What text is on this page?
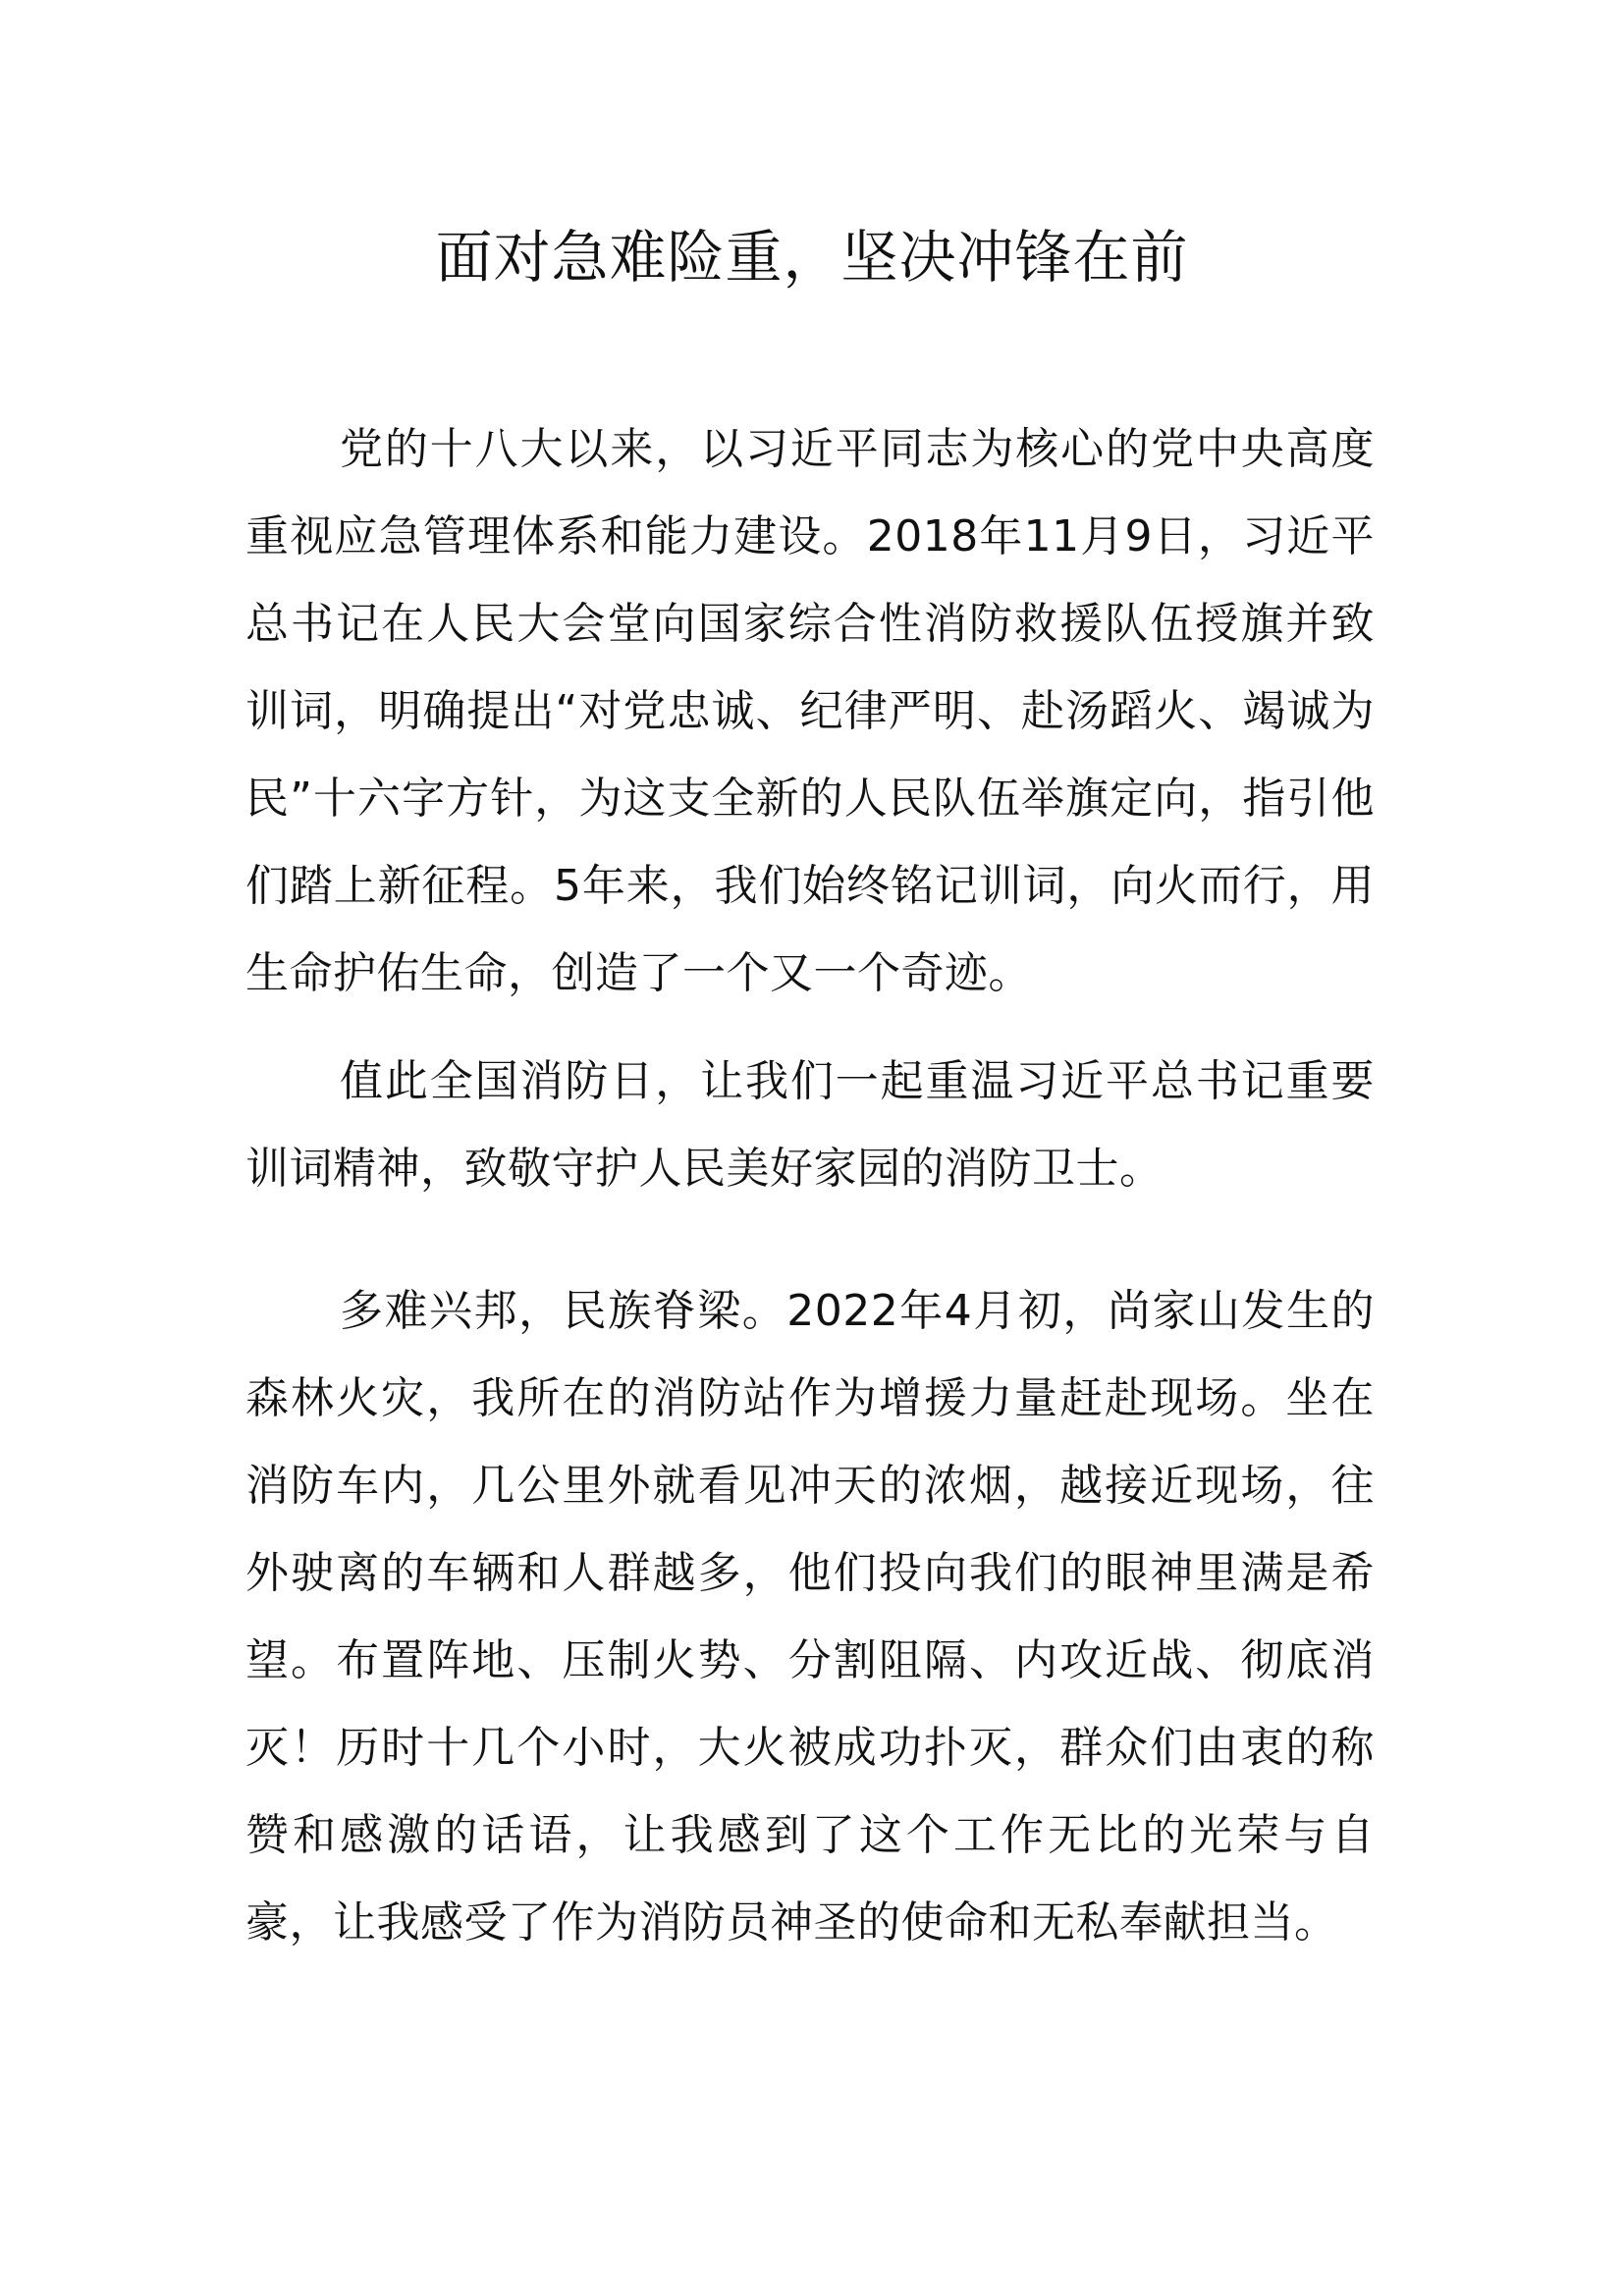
面对急难险重，坚决冲锋在前

党的十八大以来，以习近平同志为核心的党中央高度重视应急管理体系和能力建设。2018年11月9日，习近平总书记在人民大会堂向国家综合性消防救援队伍授旗并致训词，明确提出“对党忠诚、纪律严明、赴汤蹈火、竭诚为民”十六字方针，为这支全新的人民队伍举旗定向，指引他们踏上新征程。5年来，我们始终铭记训词，向火而行，用生命护佑生命，创造了一个又一个奇迹。

值此全国消防日，让我们一起重温习近平总书记重要训词精神，致敬守护人民美好家园的消防卫士。

多难兴邦，民族脊梁。2022年4月初，尚家山发生的森林火灾，我所在的消防站作为增援力量赶赴现场。坐在消防车内，几公里外就看见冲天的浓烟，越接近现场，往外驶离的车辆和人群越多，他们投向我们的眼神里满是希望。布置阵地、压制火势、分割阻隔、内攻近战、彻底消灭！历时十几个小时，大火被成功扑灭，群众们由衷的称赞和感激的话语，让我感到了这个工作无比的光荣与自豪，让我感受了作为消防员神圣的使命和无私奉献担当。
